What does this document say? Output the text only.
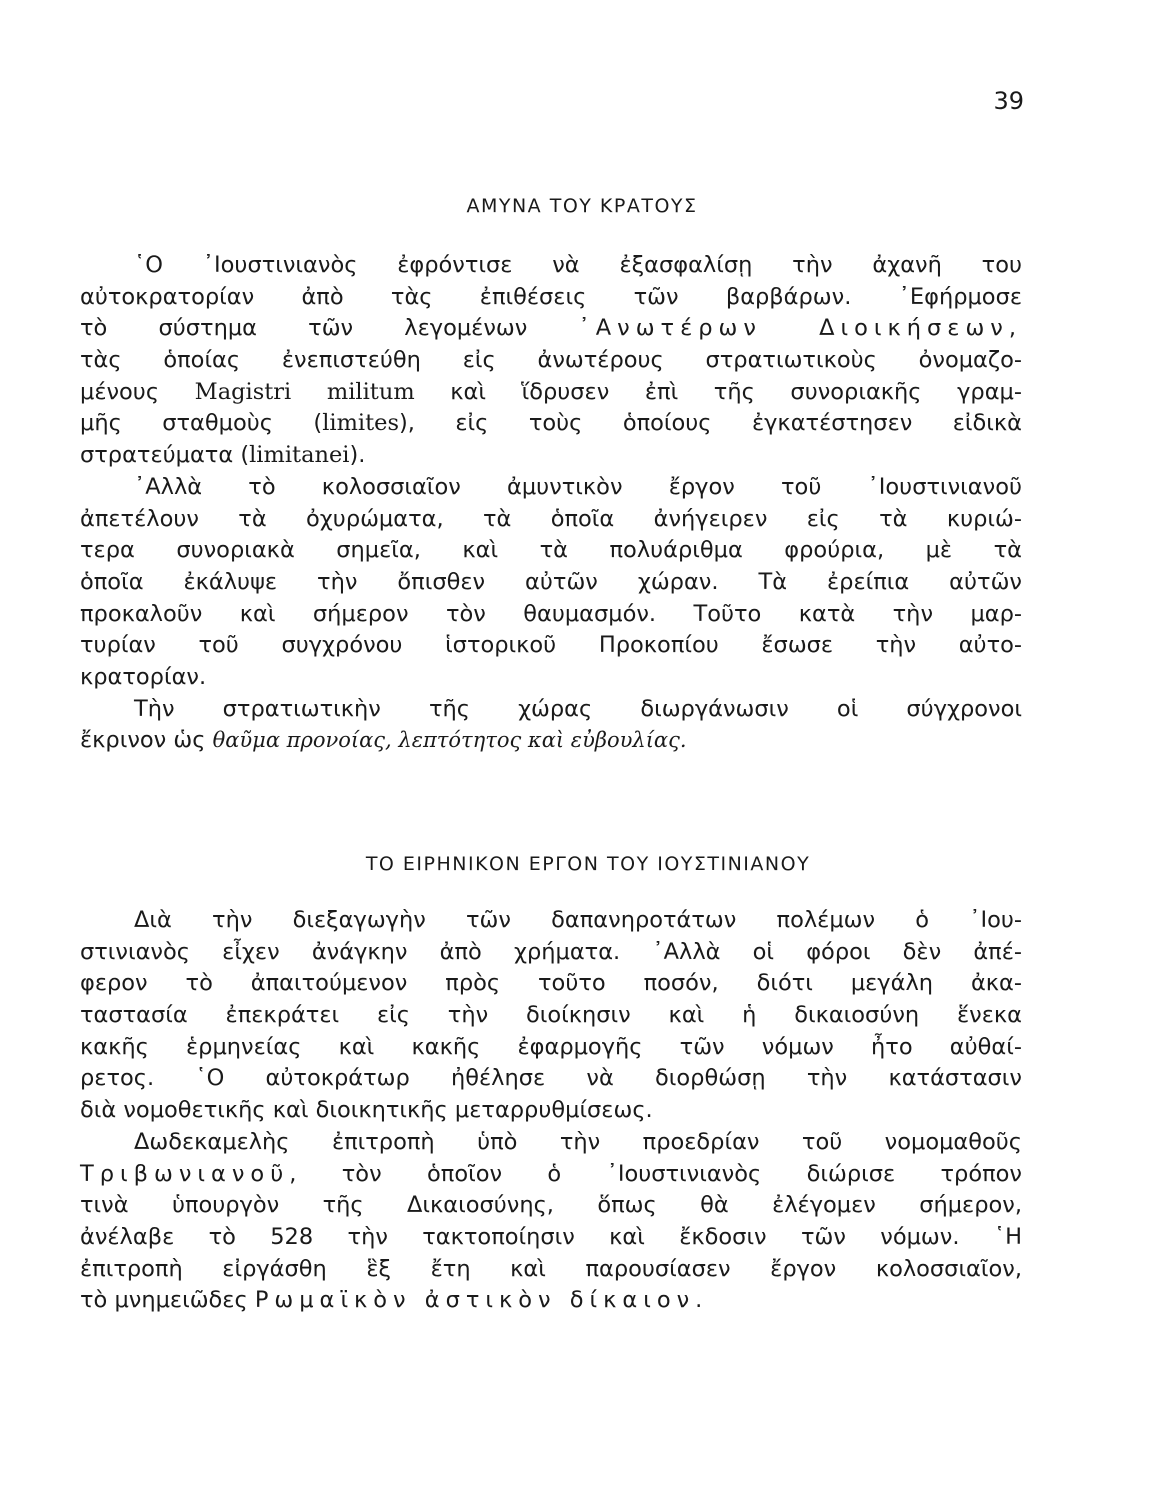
39
ΑΜΥΝΑ ΤΟΥ ΚΡΑΤΟΥΣ
῾Ο ᾿Ιουστινιανὸς ἐφρόντισε νὰ ἐξασφαλίσῃ τὴν ἀχανῆ του
αὐτοκρατορίαν ἀπὸ τὰς ἐπιθέσεις τῶν βαρβάρων. ᾿Εφήρμοσε
τὸ σύστημα τῶν λεγομένων ᾿Ανωτέρων Διοικήσεων,
τὰς ὁποίας ἐνεπιστεύθη εἰς ἀνωτέρους στρατιωτικοὺς ὀνομαζο-
μένους Magistri militum καὶ ἵδρυσεν ἐπὶ τῆς συνοριακῆς γραμ-
μῆς σταθμοὺς (limites), εἰς τοὺς ὁποίους ἐγκατέστησεν εἰδικὰ
στρατεύματα (limitanei).
᾿Αλλὰ τὸ κολοσσιαῖον ἀμυντικὸν ἔργον τοῦ ᾿Ιουστινιανοῦ
ἀπετέλουν τὰ ὀχυρώματα, τὰ ὁποῖα ἀνήγειρεν εἰς τὰ κυριώ-
τερα συνοριακὰ σημεῖα, καὶ τὰ πολυάριθμα φρούρια, μὲ τὰ
ὁποῖα ἐκάλυψε τὴν ὄπισθεν αὐτῶν χώραν. Τὰ ἐρείπια αὐτῶν
προκαλοῦν καὶ σήμερον τὸν θαυμασμόν. Τοῦτο κατὰ τὴν μαρ-
τυρίαν τοῦ συγχρόνου ἱστορικοῦ Προκοπίου ἔσωσε τὴν αὐτο-
κρατορίαν.
Τὴν στρατιωτικὴν τῆς χώρας διωργάνωσιν οἱ σύγχρονοι
ἔκρινον ὡς θαῦμα προνοίας, λεπτότητος καὶ εὐβουλίας.
ΤΟ ΕΙΡΗΝΙΚΟΝ ΕΡΓΟΝ ΤΟΥ ΙΟΥΣΤΙΝΙΑΝΟΥ
Διὰ τὴν διεξαγωγὴν τῶν δαπανηροτάτων πολέμων ὁ ᾿Ιου-
στινιανὸς εἶχεν ἀνάγκην ἀπὸ χρήματα. ᾿Αλλὰ οἱ φόροι δὲν ἀπέ-
φερον τὸ ἀπαιτούμενον πρὸς τοῦτο ποσόν, διότι μεγάλη ἀκα-
ταστασία ἐπεκράτει εἰς τὴν διοίκησιν καὶ ἡ δικαιοσύνη ἕνεκα
κακῆς ἑρμηνείας καὶ κακῆς ἐφαρμογῆς τῶν νόμων ἦτο αὐθαί-
ρετος. ῾Ο αὐτοκράτωρ ἠθέλησε νὰ διορθώσῃ τὴν κατάστασιν
διὰ νομοθετικῆς καὶ διοικητικῆς μεταρρυθμίσεως.
Δωδεκαμελὴς ἐπιτροπὴ ὑπὸ τὴν προεδρίαν τοῦ νομομαθοῦς
Τριβωνιανοῦ, τὸν ὁποῖον ὁ ᾿Ιουστινιανὸς διώρισε τρόπον
τινὰ ὑπουργὸν τῆς Δικαιοσύνης, ὅπως θὰ ἐλέγομεν σήμερον,
ἀνέλαβε τὸ 528 τὴν τακτοποίησιν καὶ ἔκδοσιν τῶν νόμων. ῾Η
ἐπιτροπὴ εἰργάσθη ἓξ ἔτη καὶ παρουσίασεν ἔργον κολοσσιαῖον,
τὸ μνημειῶδες Ρωμαϊκὸν ἀστικὸν δίκαιον.
